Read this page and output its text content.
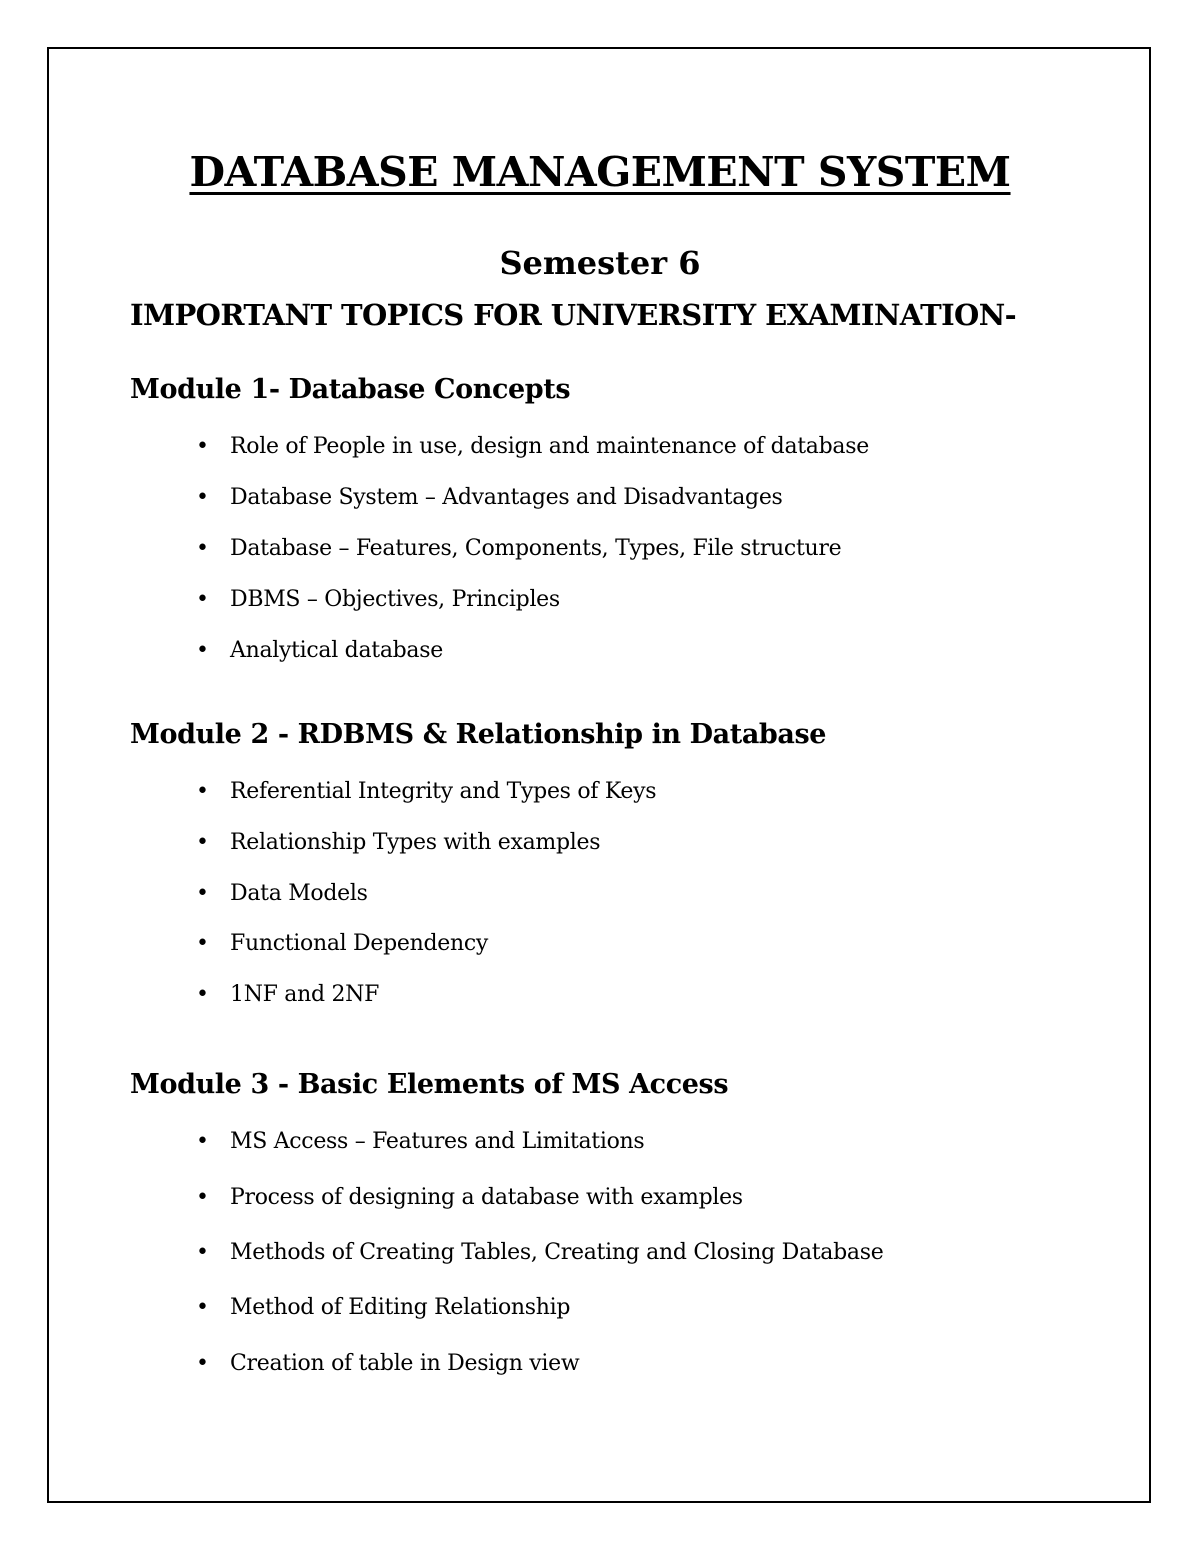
DATABASE MANAGEMENT SYSTEM
Semester 6
IMPORTANT TOPICS FOR UNIVERSITY EXAMINATION-
Module 1- Database Concepts
• Role of People in use, design and maintenance of database
• Database System – Advantages and Disadvantages
• Database – Features, Components, Types, File structure
• DBMS – Objectives, Principles
• Analytical database
Module 2 - RDBMS & Relationship in Database
• Referential Integrity and Types of Keys
• Relationship Types with examples
• Data Models
• Functional Dependency
• 1NF and 2NF
Module 3 - Basic Elements of MS Access
• MS Access – Features and Limitations
• Process of designing a database with examples
• Methods of Creating Tables, Creating and Closing Database
• Method of Editing Relationship
• Creation of table in Design view
